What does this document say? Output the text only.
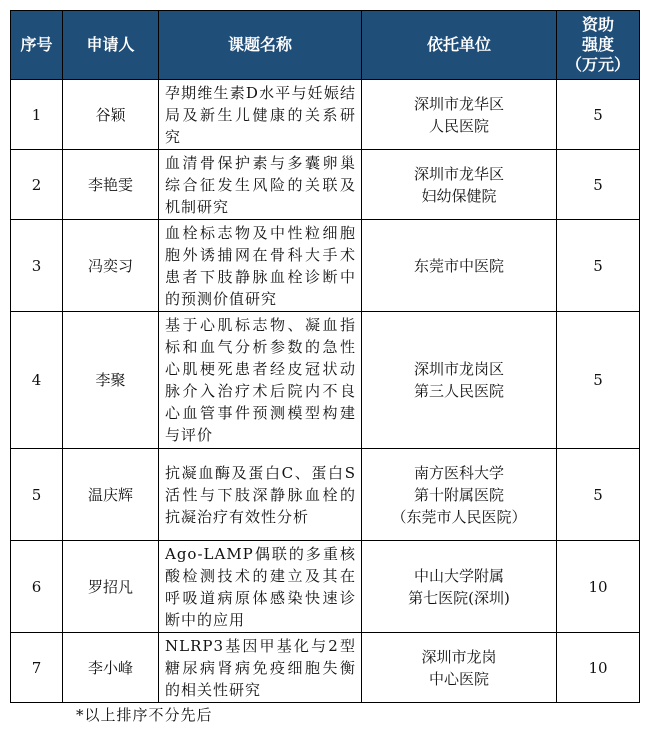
序号	申请人	课题名称	依托单位	资助
强度
（万元）

1	谷颖	孕期维生素D水平与妊娠结局及新生儿健康的关系研究	深圳市龙华区
人民医院	5
2	李艳雯	血清骨保护素与多囊卵巢综合征发生风险的关联及机制研究	深圳市龙华区
妇幼保健院	5
3	冯奕习	血栓标志物及中性粒细胞胞外诱捕网在骨科大手术患者下肢静脉血栓诊断中的预测价值研究	东莞市中医院	5
4	李聚	基于心肌标志物、凝血指标和血气分析参数的急性心肌梗死患者经皮冠状动脉介入治疗术后院内不良心血管事件预测模型构建与评价	深圳市龙岗区
第三人民医院	5
5	温庆辉	抗凝血酶及蛋白C、蛋白S活性与下肢深静脉血栓的抗凝治疗有效性分析	南方医科大学
第十附属医院
（东莞市人民医院）	5
6	罗招凡	Ago-LAMP偶联的多重核酸检测技术的建立及其在呼吸道病原体感染快速诊断中的应用	中山大学附属
第七医院(深圳)	10
7	李小峰	NLRP3基因甲基化与2型糖尿病肾病免疫细胞失衡的相关性研究	深圳市龙岗
中心医院	10
*以上排序不分先后
